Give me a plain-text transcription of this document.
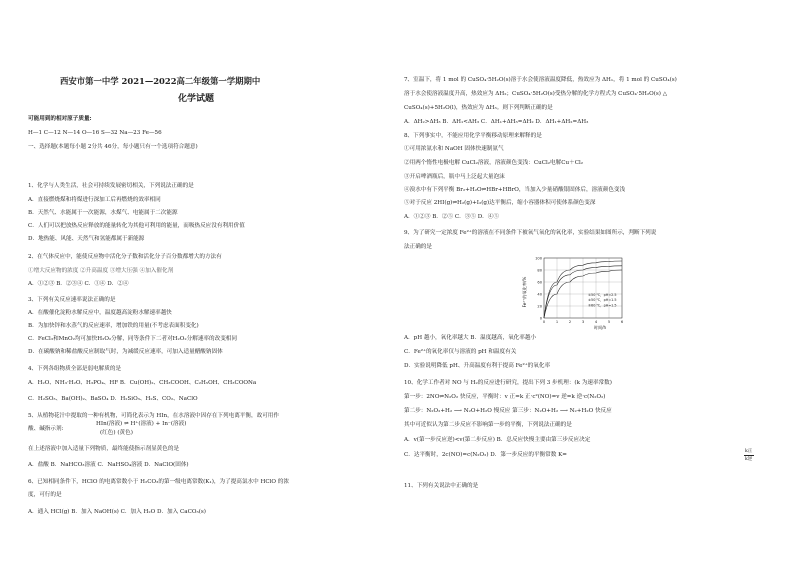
西安市第一中学 2021—2022高二年级第一学期期中
化学试题
可能用到的相对原子质量:
H—1 C—12 N—14 O—16 S—32 Na—23 Fe—56
一、选择题(本题每小题 2分共 46分，每小题只有一个选项符合题意)
1、化学与人类生活，社会可持续发展密切相关，下列说法正确的是
A．直接燃烧煤和将煤进行深加工后再燃烧的效率相同
B．天然气、水能属于一次能源，水煤气、电能属于二次能源
C．人们可以把放热反应释放的能量转化为其他可利用的能量，而吸热反应没有利用价值
D．地热能、风能、天然气和氢能都属于新能源
2、在气体反应中，能使反应物中活化分子数和活化分子百分数都增大的方法有
①增大反应物的浓度 ②升高温度 ③增大压强 ④加入催化剂
A．①②③ B．②③④ C．①④ D．②④
3、下列有关反应速率说法正确的是
A．在酸催化淀粉水解反应中，温度越高淀粉水解速率越快
B．为加快锌和水蒸气的反应速率，增加铁的用量(不考虑表面积变化)
C．FeCl₃和MnO₂均可加快H₂O₂分解，同等条件下二者对H₂O₂分解速率的改变相同
D．在碳酸钠和稀盐酸反应制取气时，为减缓反应速率，可加入适量醋酸钠固体
4、下列各组物质全部是弱电解质的是
A．H₂O、NH₃·H₂O、H₃PO₄、HF B．Cu(OH)₂、CH₃COOH、C₂H₅OH、CH₃COONa
C．H₂SO₃、Ba(OH)₂、BaSO₄ D．H₂SiO₃、H₂S、CO₂、NaClO
5、从植物花汁中提取的一种有机物，可简化表示为 HIn，在水溶液中因存在下列电离平衡，故可用作
酸、碱指示剂:
HIn(溶液) ⇌ H⁺(溶液) + In⁻(溶液)
(红色) (黄色)
在上述溶液中加入适量下列物质，最终能使指示剂显黄色的是
A．盐酸 B．NaHCO₃溶液 C．NaHSO₄溶液 D．NaClO(固体)
6、已知相同条件下，HClO 的电离常数小于 H₂CO₃的第一级电离常数(K₁)，为了提高氯水中 HClO 的浓
度，可行的是
A．通入 HCl(g) B．加入 NaOH(s) C．加入 H₂O D．加入 CaCO₃(s)
7、室温下，将 1 mol 的 CuSO₄·5H₂O(s)溶于水会使溶液温度降低，热效应为 ΔH₁，将 1 mol 的 CuSO₄(s)
溶于水会使溶液温度升高，热效应为 ΔH₂；CuSO₄·5H₂O(s)受热分解的化学方程式为 CuSO₄·5H₂O(s) △
CuSO₄(s)+5H₂O(l)，热效应为 ΔH₃。则下列判断正确的是
A．ΔH₂>ΔH₃ B．ΔH₁<ΔH₃ C．ΔH₁+ΔH₃=ΔH₂ D．ΔH₁+ΔH₂=ΔH₃
8、下列事实中，不能应用化学平衡移动原理来解释的是
①可用浓氨水和 NaOH 固体快速制氨气
②用两个惰性电极电解 CuCl₂溶液，溶液颜色变浅：CuCl₂电解Cu＋Cl₂
③开启啤酒瓶后，瓶中马上泛起大量泡沫
④溴水中有下列平衡 Br₂+H₂O⇌HBr+HBrO，当加入少量硝酸银固体后，溶液颜色变浅
⑤对于反应 2HI(g)⇌H₂(g)+I₂(g)达平衡后，缩小容器体积可使体系颜色变深
A．①②③ B．②⑤ C．③⑤ D．④⑤
9、为了研究一定浓度 Fe²⁺的溶液在不同条件下被氧气氧化的氧化率，实验结果如图所示，判断下列说
法正确的是
A．pH 越小，氧化率越大 B．温度越高，氧化率越小
C．Fe²⁺的氧化率仅与溶液的 pH 和温度有关
D．实验说明降低 pH、升高温度有利于提高 Fe²⁺的氧化率
10、化学工作者对 NO 与 H₂的反应进行研究，提出下列 3 步机理：(k 为速率常数)
第一步：2NO⇌N₂O₂ 快反应，平衡时：v 正=k 正·c²(NO)=v 逆=k 逆·c(N₂O₂)
第二步：N₂O₂+H₂ ⟶ N₂O+H₂O 慢反应 第三步：N₂O+H₂ ⟶ N₂+H₂O 快反应
其中可近似认为第二步反应不影响第一步的平衡，下列说法正确的是
A．v(第一步反应逆)<v(第二步反应) B．总反应快慢主要由第三步反应决定
C．达平衡时，2c(NO)=c(N₂O₂) D．第一步反应的平衡常数 K=
11、下列有关说法中正确的是
k正
k逆
0
20
40
60
80
100
0	1	2	3	4	5	6
①50 ℃，pH=2.5
②50 ℃，pH=1.5
③60 ℃，pH=1.5
Fe²⁺的氧化率/%
时间/h
